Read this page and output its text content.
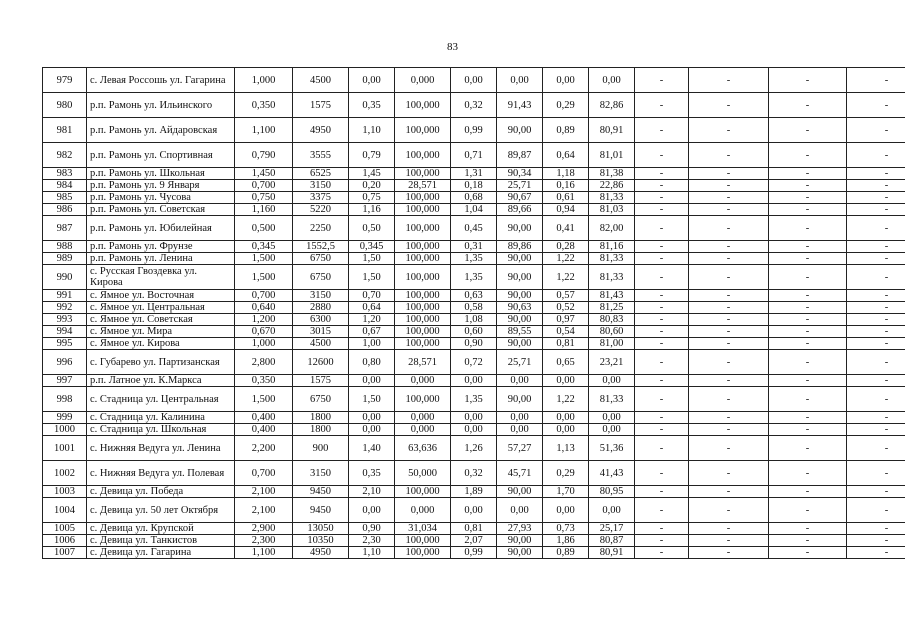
83
979	с. Левая Россошь ул. Гагарина	1,000	4500	0,00	0,000	0,00	0,00	0,00	0,00	-	-	-	-
980	р.п. Рамонь ул. Ильинского	0,350	1575	0,35	100,000	0,32	91,43	0,29	82,86	-	-	-	-
981	р.п. Рамонь ул. Айдаровская	1,100	4950	1,10	100,000	0,99	90,00	0,89	80,91	-	-	-	-
982	р.п. Рамонь ул. Спортивная	0,790	3555	0,79	100,000	0,71	89,87	0,64	81,01	-	-	-	-
983	р.п. Рамонь ул. Школьная	1,450	6525	1,45	100,000	1,31	90,34	1,18	81,38	-	-	-	-
984	р.п. Рамонь ул. 9 Января	0,700	3150	0,20	28,571	0,18	25,71	0,16	22,86	-	-	-	-
985	р.п. Рамонь ул. Чусова	0,750	3375	0,75	100,000	0,68	90,67	0,61	81,33	-	-	-	-
986	р.п. Рамонь ул. Советская	1,160	5220	1,16	100,000	1,04	89,66	0,94	81,03	-	-	-	-
987	р.п. Рамонь ул. Юбилейная	0,500	2250	0,50	100,000	0,45	90,00	0,41	82,00	-	-	-	-
988	р.п. Рамонь ул. Фрунзе	0,345	1552,5	0,345	100,000	0,31	89,86	0,28	81,16	-	-	-	-
989	р.п. Рамонь ул. Ленина	1,500	6750	1,50	100,000	1,35	90,00	1,22	81,33	-	-	-	-
990	с. Русская Гвоздевка ул. Кирова	1,500	6750	1,50	100,000	1,35	90,00	1,22	81,33	-	-	-	-
991	с. Ямное ул. Восточная	0,700	3150	0,70	100,000	0,63	90,00	0,57	81,43	-	-	-	-
992	с. Ямное ул. Центральная	0,640	2880	0,64	100,000	0,58	90,63	0,52	81,25	-	-	-	-
993	с. Ямное ул. Советская	1,200	6300	1,20	100,000	1,08	90,00	0,97	80,83	-	-	-	-
994	с. Ямное ул. Мира	0,670	3015	0,67	100,000	0,60	89,55	0,54	80,60	-	-	-	-
995	с. Ямное ул. Кирова	1,000	4500	1,00	100,000	0,90	90,00	0,81	81,00	-	-	-	-
996	с. Губарево ул. Партизанская	2,800	12600	0,80	28,571	0,72	25,71	0,65	23,21	-	-	-	-
997	р.п. Латное ул. К.Маркса	0,350	1575	0,00	0,000	0,00	0,00	0,00	0,00	-	-	-	-
998	с. Стадница ул. Центральная	1,500	6750	1,50	100,000	1,35	90,00	1,22	81,33	-	-	-	-
999	с. Стадница ул. Калинина	0,400	1800	0,00	0,000	0,00	0,00	0,00	0,00	-	-	-	-
1000	с. Стадница ул. Школьная	0,400	1800	0,00	0,000	0,00	0,00	0,00	0,00	-	-	-	-
1001	с. Нижняя Ведуга ул. Ленина	2,200	900	1,40	63,636	1,26	57,27	1,13	51,36	-	-	-	-
1002	с. Нижняя Ведуга ул. Полевая	0,700	3150	0,35	50,000	0,32	45,71	0,29	41,43	-	-	-	-
1003	с. Девица ул. Победа	2,100	9450	2,10	100,000	1,89	90,00	1,70	80,95	-	-	-	-
1004	с. Девица ул. 50 лет Октября	2,100	9450	0,00	0,000	0,00	0,00	0,00	0,00	-	-	-	-
1005	с. Девица ул. Крупской	2,900	13050	0,90	31,034	0,81	27,93	0,73	25,17	-	-	-	-
1006	с. Девица ул. Танкистов	2,300	10350	2,30	100,000	2,07	90,00	1,86	80,87	-	-	-	-
1007	с. Девица ул. Гагарина	1,100	4950	1,10	100,000	0,99	90,00	0,89	80,91	-	-	-	-
